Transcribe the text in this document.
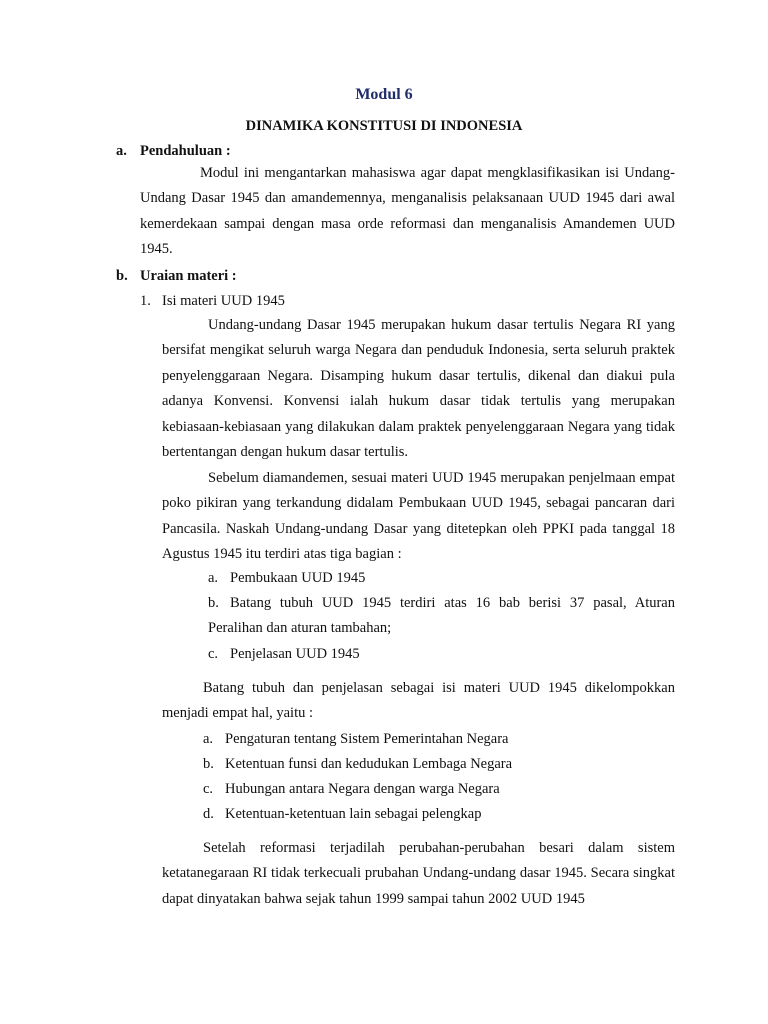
Modul 6
DINAMIKA KONSTITUSI DI INDONESIA
a. Pendahuluan :
Modul ini mengantarkan mahasiswa agar dapat mengklasifikasikan isi Undang-Undang Dasar 1945 dan amandemennya, menganalisis pelaksanaan UUD 1945 dari awal kemerdekaan sampai dengan masa orde reformasi dan menganalisis Amandemen UUD 1945.
b. Uraian materi :
1. Isi materi UUD 1945
Undang-undang Dasar 1945 merupakan hukum dasar tertulis Negara RI yang bersifat mengikat seluruh warga Negara dan penduduk Indonesia, serta seluruh praktek penyelenggaraan Negara. Disamping hukum dasar tertulis, dikenal dan diakui pula adanya Konvensi. Konvensi ialah hukum dasar tidak tertulis yang merupakan kebiasaan-kebiasaan yang dilakukan dalam praktek penyelenggaraan Negara yang tidak bertentangan dengan hukum dasar tertulis.
Sebelum diamandemen, sesuai materi UUD 1945 merupakan penjelmaan empat poko pikiran yang terkandung didalam Pembukaan UUD 1945, sebagai pancaran dari Pancasila. Naskah Undang-undang Dasar yang ditetepkan oleh PPKI pada tanggal 18 Agustus 1945 itu terdiri atas tiga bagian :
a. Pembukaan UUD 1945
b. Batang tubuh UUD 1945 terdiri atas 16 bab berisi 37 pasal, Aturan Peralihan dan aturan tambahan;
c. Penjelasan UUD 1945
Batang tubuh dan penjelasan sebagai isi materi UUD 1945 dikelompokkan menjadi empat hal, yaitu :
a. Pengaturan tentang Sistem Pemerintahan Negara
b. Ketentuan funsi dan kedudukan Lembaga Negara
c. Hubungan antara Negara dengan warga Negara
d. Ketentuan-ketentuan lain sebagai pelengkap
Setelah reformasi terjadilah perubahan-perubahan besari dalam sistem ketatanegaraan RI tidak terkecuali prubahan Undang-undang dasar 1945. Secara singkat dapat dinyatakan bahwa sejak tahun 1999 sampai tahun 2002 UUD 1945
